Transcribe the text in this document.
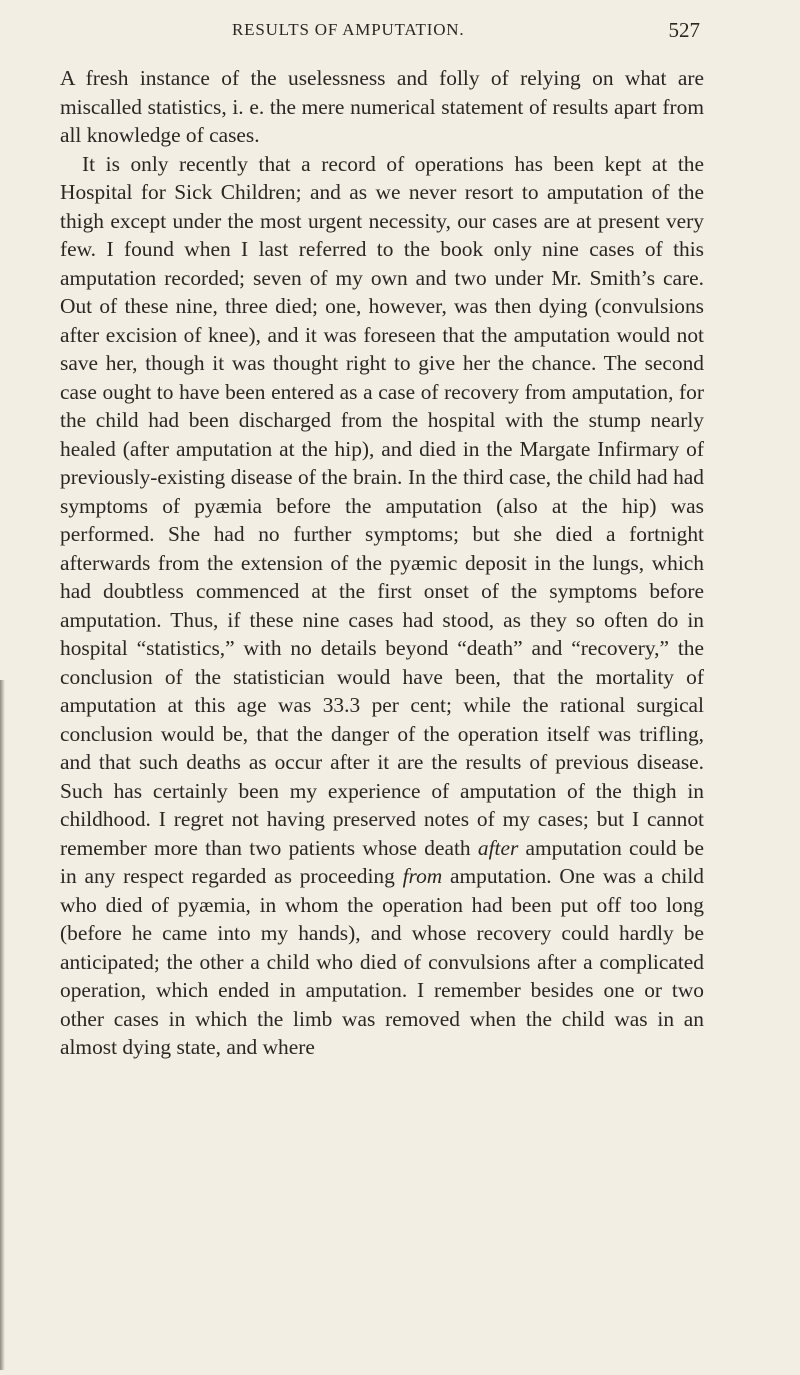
RESULTS OF AMPUTATION.	527

A fresh instance of the uselessness and folly of relying on what are miscalled statistics, i. e. the mere numerical statement of results apart from all knowledge of cases.

It is only recently that a record of operations has been kept at the Hospital for Sick Children; and as we never resort to amputation of the thigh except under the most urgent necessity, our cases are at present very few. I found when I last referred to the book only nine cases of this amputation recorded; seven of my own and two under Mr. Smith’s care. Out of these nine, three died; one, however, was then dying (convulsions after excision of knee), and it was foreseen that the amputation would not save her, though it was thought right to give her the chance. The second case ought to have been entered as a case of recovery from amputation, for the child had been discharged from the hospital with the stump nearly healed (after amputation at the hip), and died in the Margate Infirmary of previously-existing disease of the brain. In the third case, the child had had symptoms of pyæmia before the amputation (also at the hip) was performed. She had no further symptoms; but she died a fortnight afterwards from the extension of the pyæmic deposit in the lungs, which had doubtless commenced at the first onset of the symptoms before amputation. Thus, if these nine cases had stood, as they so often do in hospital “statistics,” with no details beyond “death” and “recovery,” the conclusion of the statistician would have been, that the mortality of amputation at this age was 33.3 per cent; while the rational surgical conclusion would be, that the danger of the operation itself was trifling, and that such deaths as occur after it are the results of previous disease. Such has certainly been my experience of amputation of the thigh in childhood. I regret not having preserved notes of my cases; but I cannot remember more than two patients whose death after amputation could be in any respect regarded as proceeding from amputation. One was a child who died of pyæmia, in whom the operation had been put off too long (before he came into my hands), and whose recovery could hardly be anticipated; the other a child who died of convulsions after a complicated operation, which ended in amputation. I remember besides one or two other cases in which the limb was removed when the child was in an almost dying state, and where
